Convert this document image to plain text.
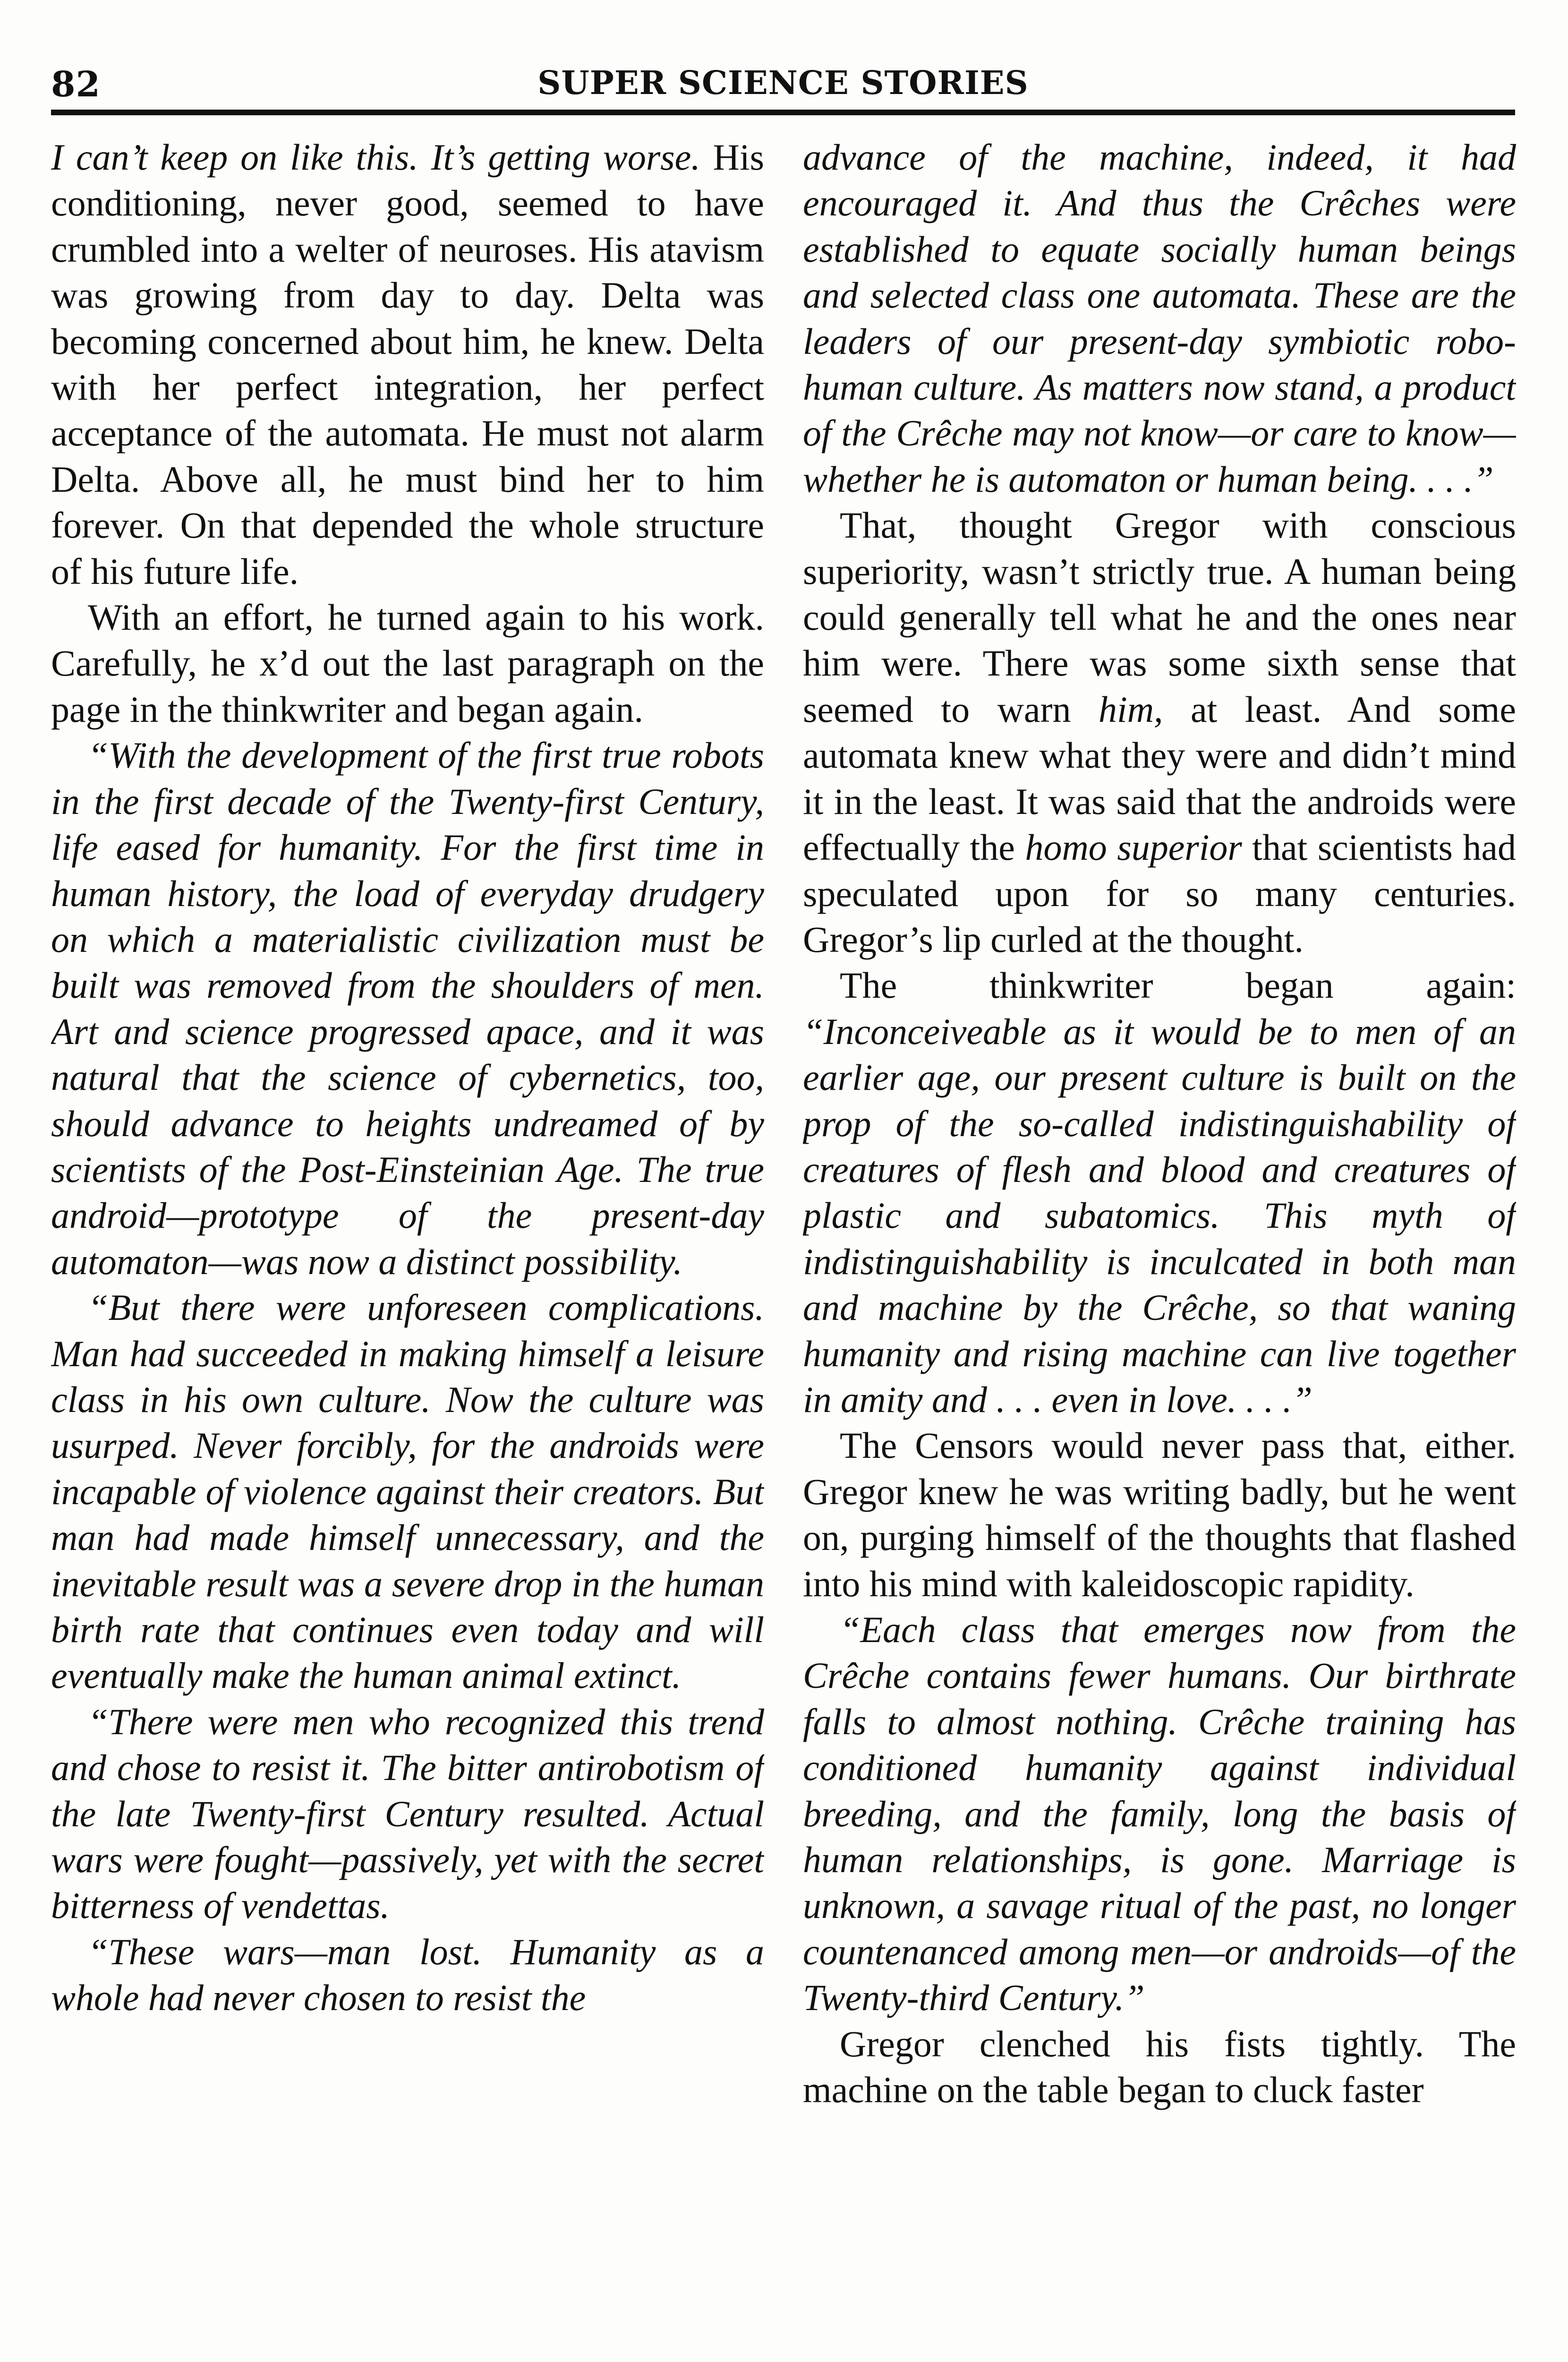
82	SUPER SCIENCE STORIES

I can’t keep on like this. It’s getting worse. His conditioning, never good, seemed to have crumbled into a welter of neuroses. His atavism was growing from day to day. Delta was becoming concerned about him, he knew. Delta with her perfect integration, her perfect acceptance of the automata. He must not alarm Delta. Above all, he must bind her to him forever. On that depended the whole structure of his future life.

With an effort, he turned again to his work. Carefully, he x’d out the last paragraph on the page in the thinkwriter and began again.

“With the development of the first true robots in the first decade of the Twenty-first Century, life eased for humanity. For the first time in human history, the load of everyday drudgery on which a materialistic civilization must be built was removed from the shoulders of men. Art and science progressed apace, and it was natural that the science of cybernetics, too, should advance to heights undreamed of by scientists of the Post-Einsteinian Age. The true android—prototype of the present-day automaton—was now a distinct possibility.

“But there were unforeseen complications. Man had succeeded in making himself a leisure class in his own culture. Now the culture was usurped. Never forcibly, for the androids were incapable of violence against their creators. But man had made himself unnecessary, and the inevitable result was a severe drop in the human birth rate that continues even today and will eventually make the human animal extinct.

“There were men who recognized this trend and chose to resist it. The bitter antirobotism of the late Twenty-first Century resulted. Actual wars were fought—passively, yet with the secret bitterness of vendettas.

“These wars—man lost. Humanity as a whole had never chosen to resist the

advance of the machine, indeed, it had encouraged it. And thus the Crêches were established to equate socially human beings and selected class one automata. These are the leaders of our present-day symbiotic robo-human culture. As matters now stand, a product of the Crêche may not know—or care to know—whether he is automaton or human being. . . .”

That, thought Gregor with conscious superiority, wasn’t strictly true. A human being could generally tell what he and the ones near him were. There was some sixth sense that seemed to warn him, at least. And some automata knew what they were and didn’t mind it in the least. It was said that the androids were effectually the homo superior that scientists had speculated upon for so many centuries. Gregor’s lip curled at the thought.

The thinkwriter began again: “Inconceiveable as it would be to men of an earlier age, our present culture is built on the prop of the so-called indistinguishability of creatures of flesh and blood and creatures of plastic and subatomics. This myth of indistinguishability is inculcated in both man and machine by the Crêche, so that waning humanity and rising machine can live together in amity and . . . even in love. . . .”

The Censors would never pass that, either. Gregor knew he was writing badly, but he went on, purging himself of the thoughts that flashed into his mind with kaleidoscopic rapidity.

“Each class that emerges now from the Crêche contains fewer humans. Our birthrate falls to almost nothing. Crêche training has conditioned humanity against individual breeding, and the family, long the basis of human relationships, is gone. Marriage is unknown, a savage ritual of the past, no longer countenanced among men—or androids—of the Twenty-third Century.”

Gregor clenched his fists tightly. The machine on the table began to cluck faster
